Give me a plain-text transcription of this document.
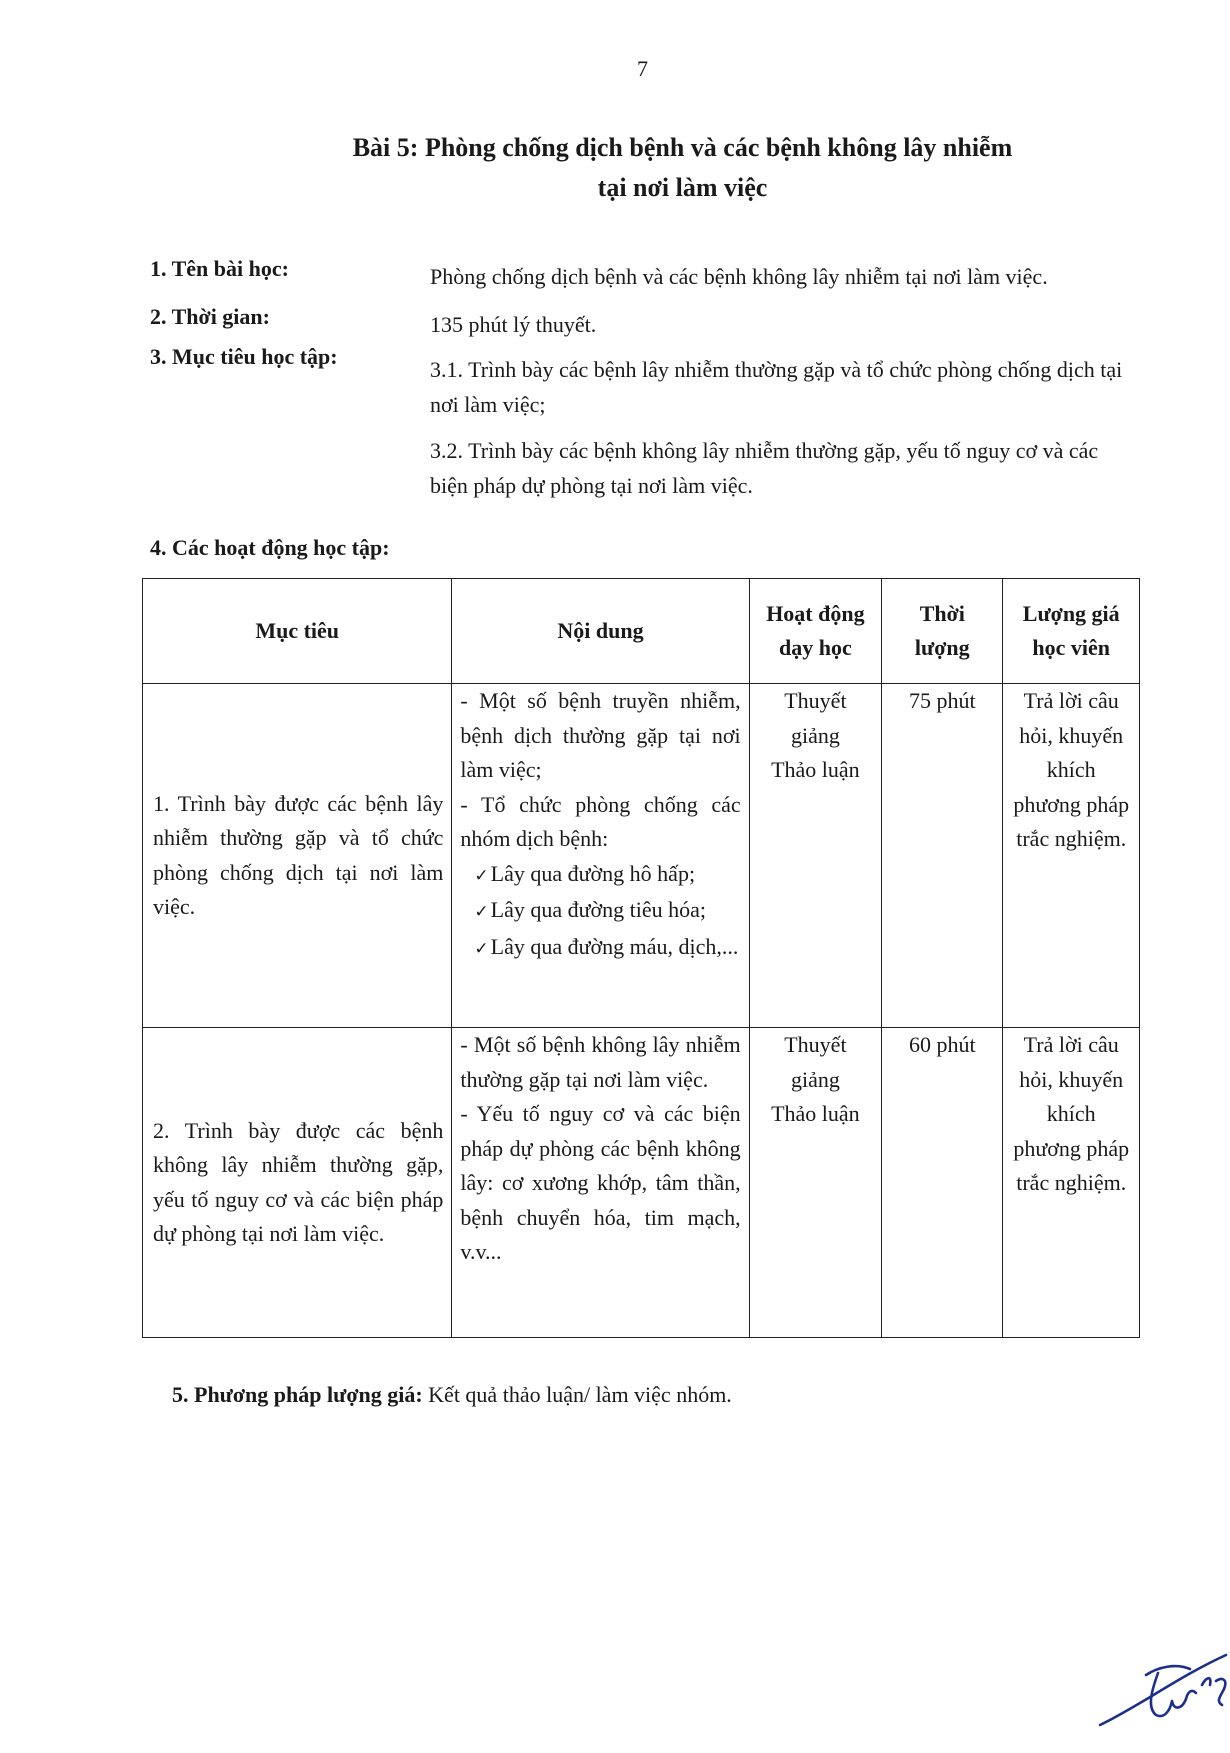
7
Bài 5: Phòng chống dịch bệnh và các bệnh không lây nhiễm
tại nơi làm việc
1. Tên bài học:	Phòng chống dịch bệnh và các bệnh không lây nhiễm tại nơi làm việc.
2. Thời gian:	135 phút lý thuyết.
3. Mục tiêu học tập:
3.1. Trình bày các bệnh lây nhiễm thường gặp và tổ chức phòng chống dịch tại nơi làm việc;
3.2. Trình bày các bệnh không lây nhiễm thường gặp, yếu tố nguy cơ và các biện pháp dự phòng tại nơi làm việc.
4. Các hoạt động học tập:
Mục tiêu	Nội dung	Hoạt động dạy học	Thời lượng	Lượng giá học viên
1. Trình bày được các bệnh lây nhiễm thường gặp và tổ chức phòng chống dịch tại nơi làm việc.	- Một số bệnh truyền nhiễm, bệnh dịch thường gặp tại nơi làm việc;
- Tổ chức phòng chống các nhóm dịch bệnh:
✓Lây qua đường hô hấp;
✓Lây qua đường tiêu hóa;
✓Lây qua đường máu, dịch,...	Thuyết giảng
Thảo luận	75 phút	Trả lời câu hỏi, khuyến khích phương pháp trắc nghiệm.
2. Trình bày được các bệnh không lây nhiễm thường gặp, yếu tố nguy cơ và các biện pháp dự phòng tại nơi làm việc.	- Một số bệnh không lây nhiễm thường gặp tại nơi làm việc.
- Yếu tố nguy cơ và các biện pháp dự phòng các bệnh không lây: cơ xương khớp, tâm thần, bệnh chuyển hóa, tim mạch, v.v...	Thuyết giảng
Thảo luận	60 phút	Trả lời câu hỏi, khuyến khích phương pháp trắc nghiệm.
5. Phương pháp lượng giá: Kết quả thảo luận/ làm việc nhóm.
